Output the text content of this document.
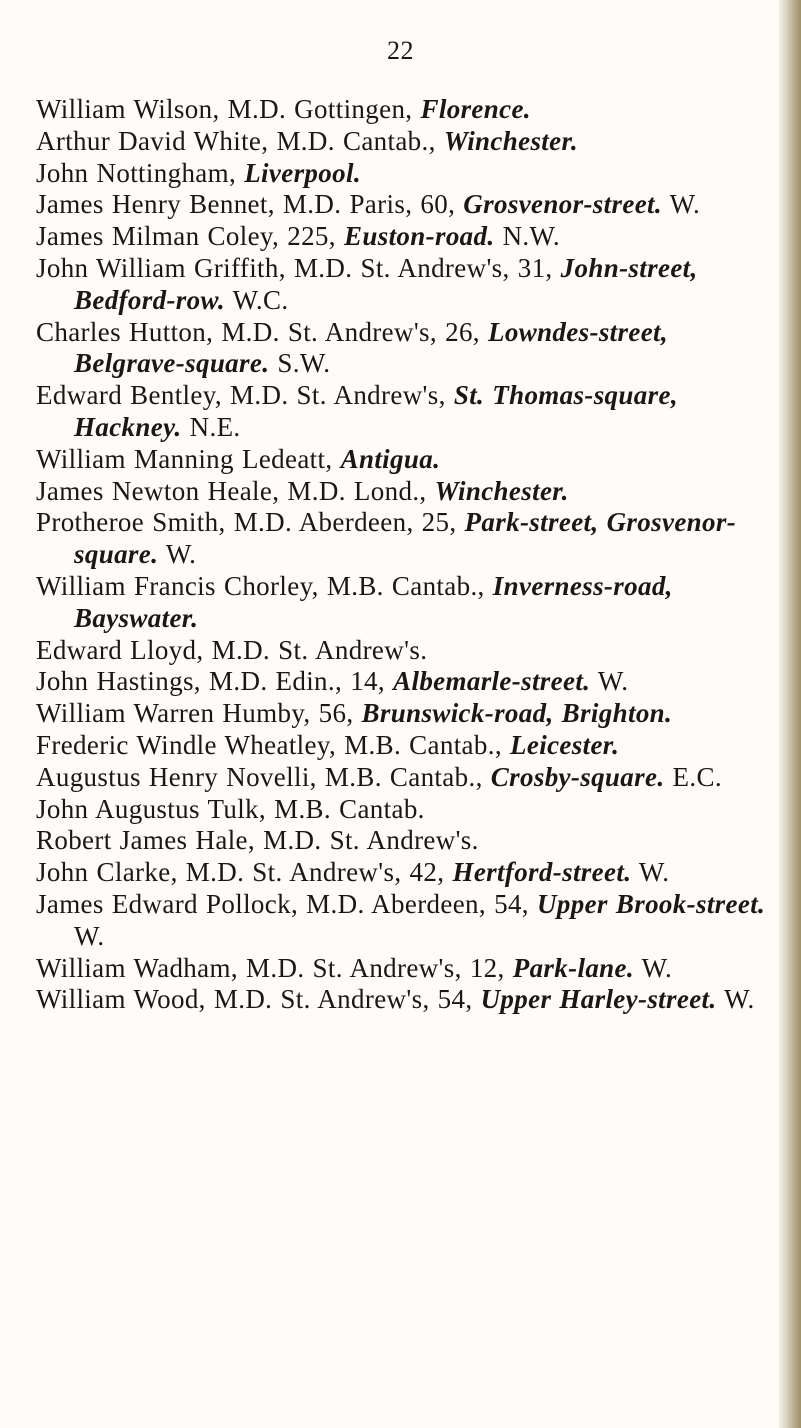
22
William Wilson, M.D. Gottingen, Florence.
Arthur David White, M.D. Cantab., Winchester.
John Nottingham, Liverpool.
James Henry Bennet, M.D. Paris, 60, Grosvenor-street. W.
James Milman Coley, 225, Euston-road. N.W.
John William Griffith, M.D. St. Andrew's, 31, John-street, Bedford-row. W.C.
Charles Hutton, M.D. St. Andrew's, 26, Lowndes-street, Belgrave-square. S.W.
Edward Bentley, M.D. St. Andrew's, St. Thomas-square, Hackney. N.E.
William Manning Ledeatt, Antigua.
James Newton Heale, M.D. Lond., Winchester.
Protheroe Smith, M.D. Aberdeen, 25, Park-street, Grosvenor-square. W.
William Francis Chorley, M.B. Cantab., Inverness-road, Bayswater.
Edward Lloyd, M.D. St. Andrew's.
John Hastings, M.D. Edin., 14, Albemarle-street. W.
William Warren Humby, 56, Brunswick-road, Brighton.
Frederic Windle Wheatley, M.B. Cantab., Leicester.
Augustus Henry Novelli, M.B. Cantab., Crosby-square. E.C.
John Augustus Tulk, M.B. Cantab.
Robert James Hale, M.D. St. Andrew's.
John Clarke, M.D. St. Andrew's, 42, Hertford-street. W.
James Edward Pollock, M.D. Aberdeen, 54, Upper Brook-street. W.
William Wadham, M.D. St. Andrew's, 12, Park-lane. W.
William Wood, M.D. St. Andrew's, 54, Upper Harley-street. W.
